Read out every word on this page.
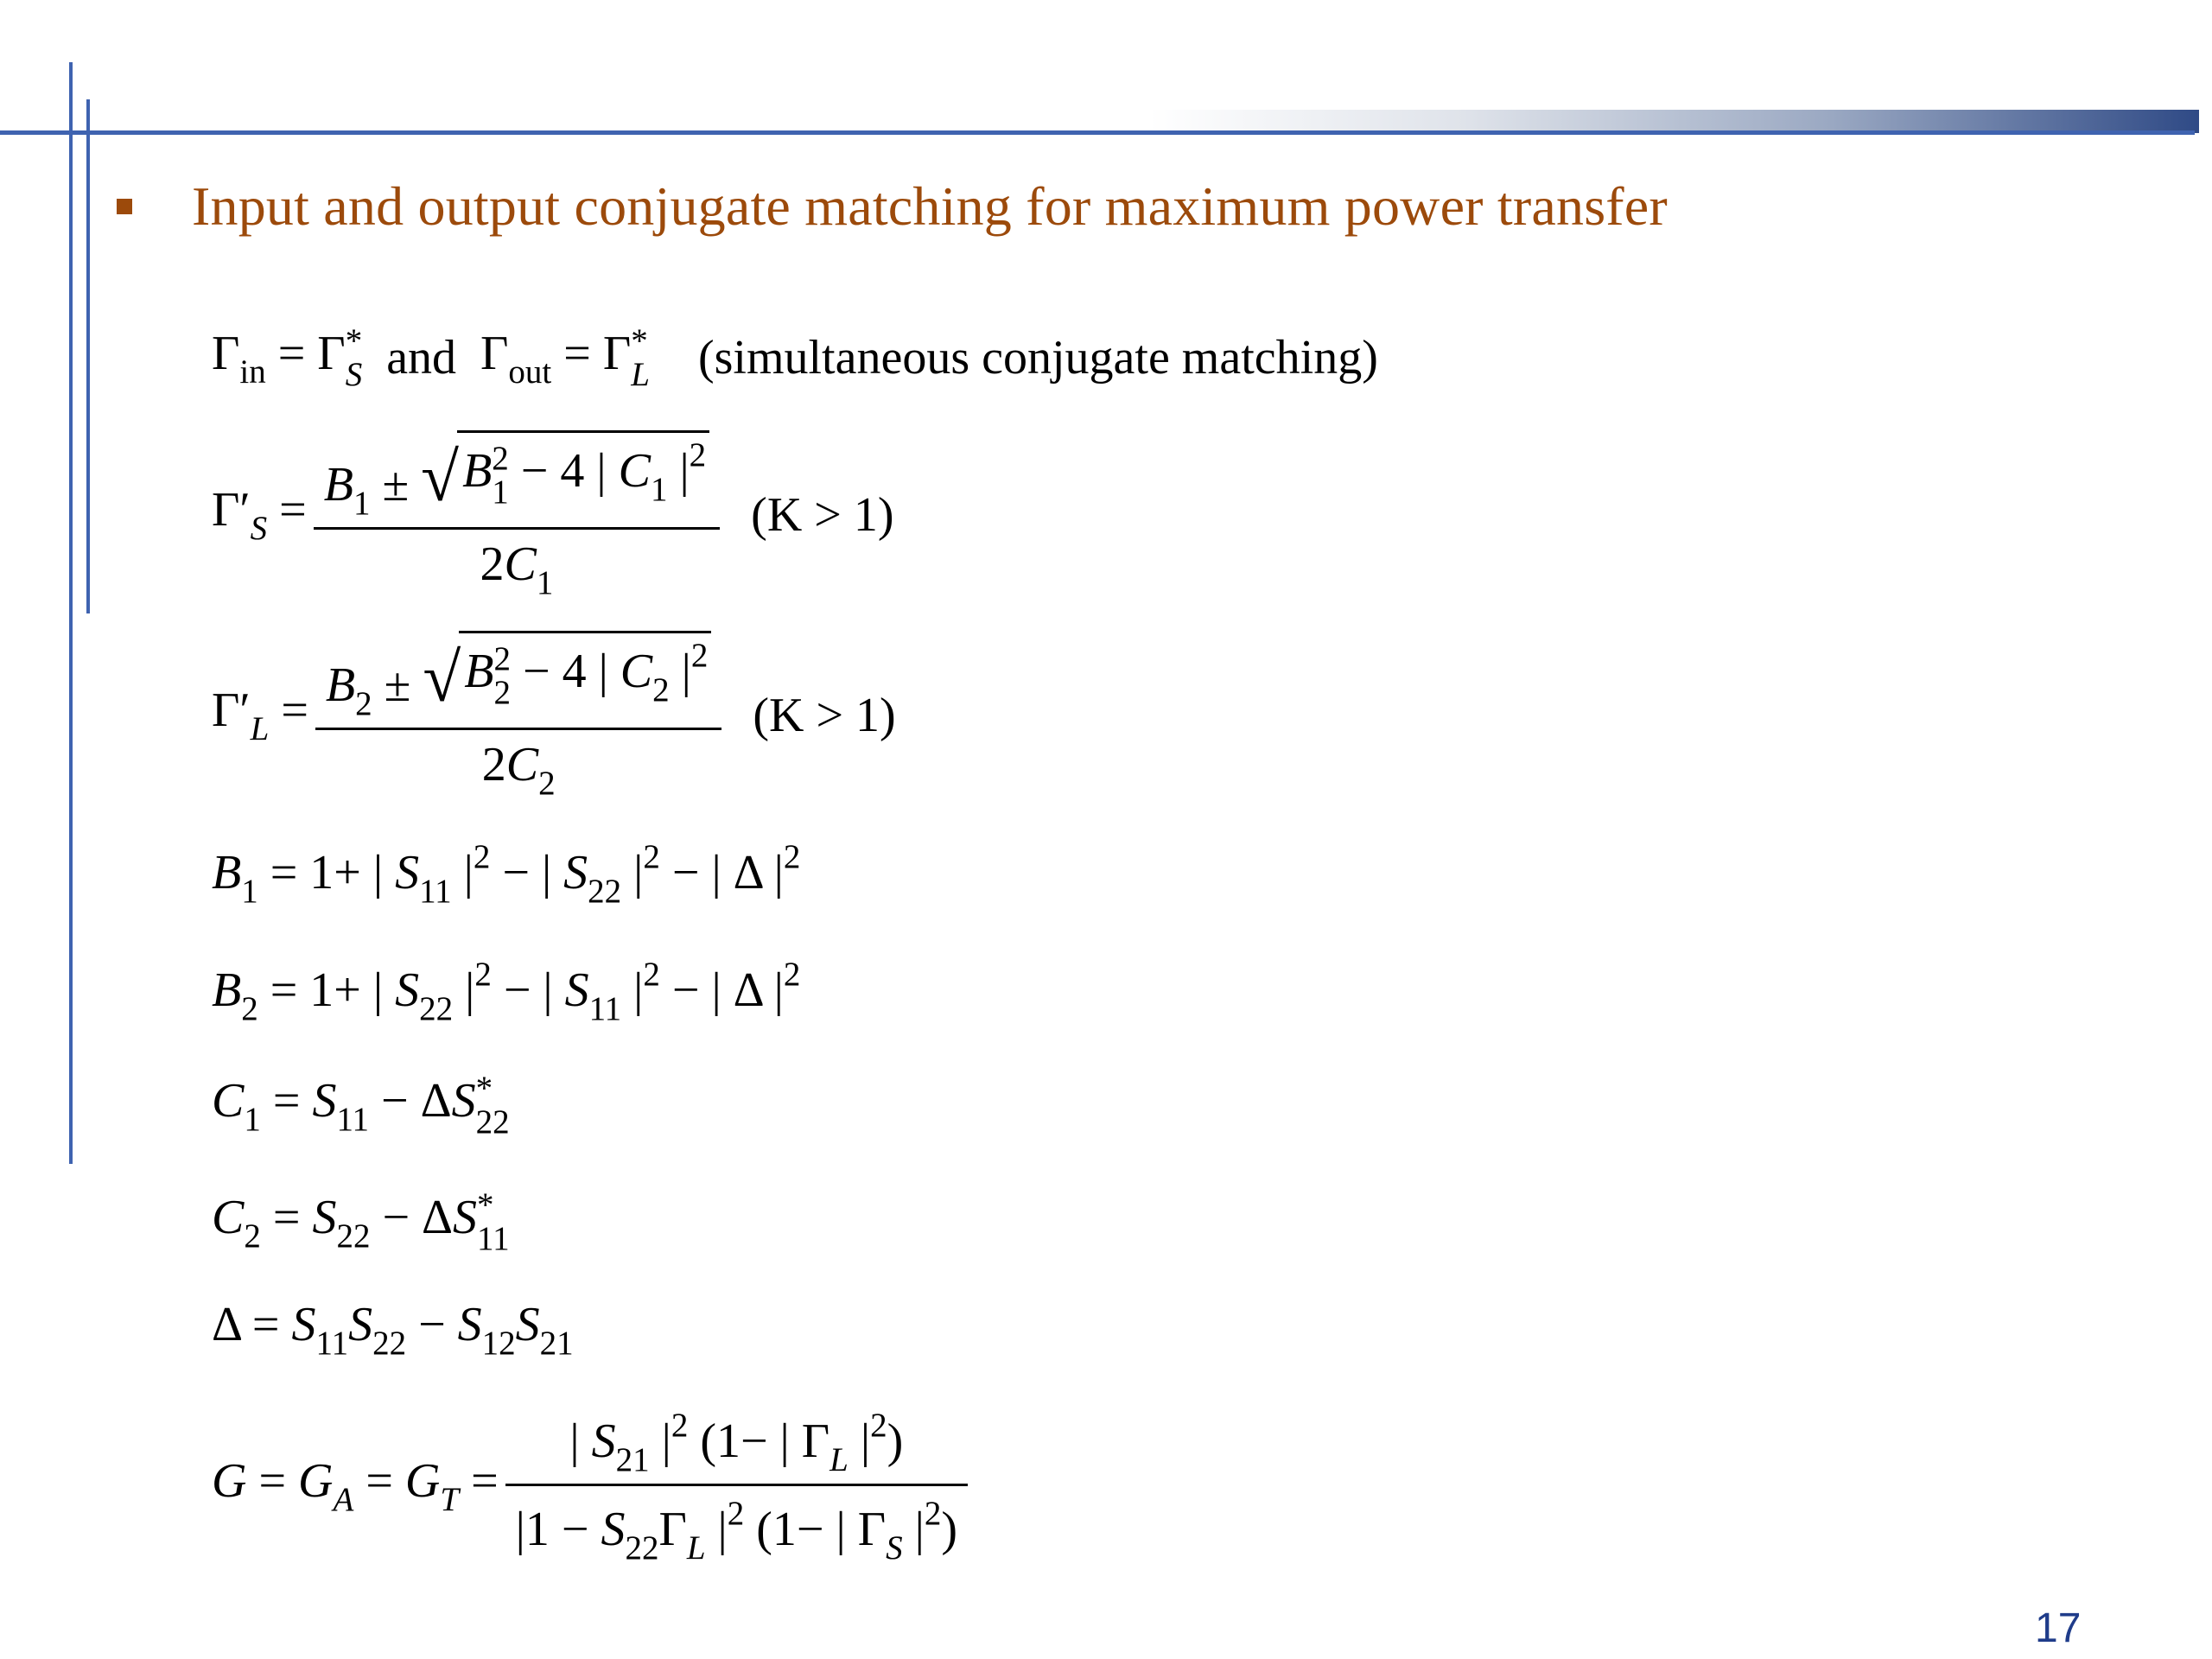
Input and output conjugate matching for maximum power transfer
$\Gamma_{in} = \Gamma$ *
S and $\Gamma_{out} = \Gamma$ *
L (simultaneous conjugate matching)
$\Gamma'_S = B_1$ ± √ B 2
1 − 4 | $C_1$ $|^2$
$2C_1$ (K > 1)
$\Gamma'_L = B_2$ ± √ B 2
2 − 4 | $C_2$ $|^2$
$2C_2$ (K > 1)
$B_1 = 1+$ | $S_{11}$ $|^2$ − | $S_{22}$ $|^2$ − | Δ $|^2$
$B_2 = 1+$ | $S_{22}$ $|^2$ − | $S_{11}$ $|^2$ − | Δ $|^2$
$C_1 = S_{11} - \Delta S$ *
22
$C_2 = S_{22} - \Delta S$ *
11
$\Delta = S_{11}S_{22} - S_{12}S_{21}$
$G = G_A = G_T = \frac{| S_{21} |^2 (1- | \Gamma_L |^2)}{|1 - S_{22}\Gamma_L |^2 (1- | \Gamma_S |^2)}$
17
